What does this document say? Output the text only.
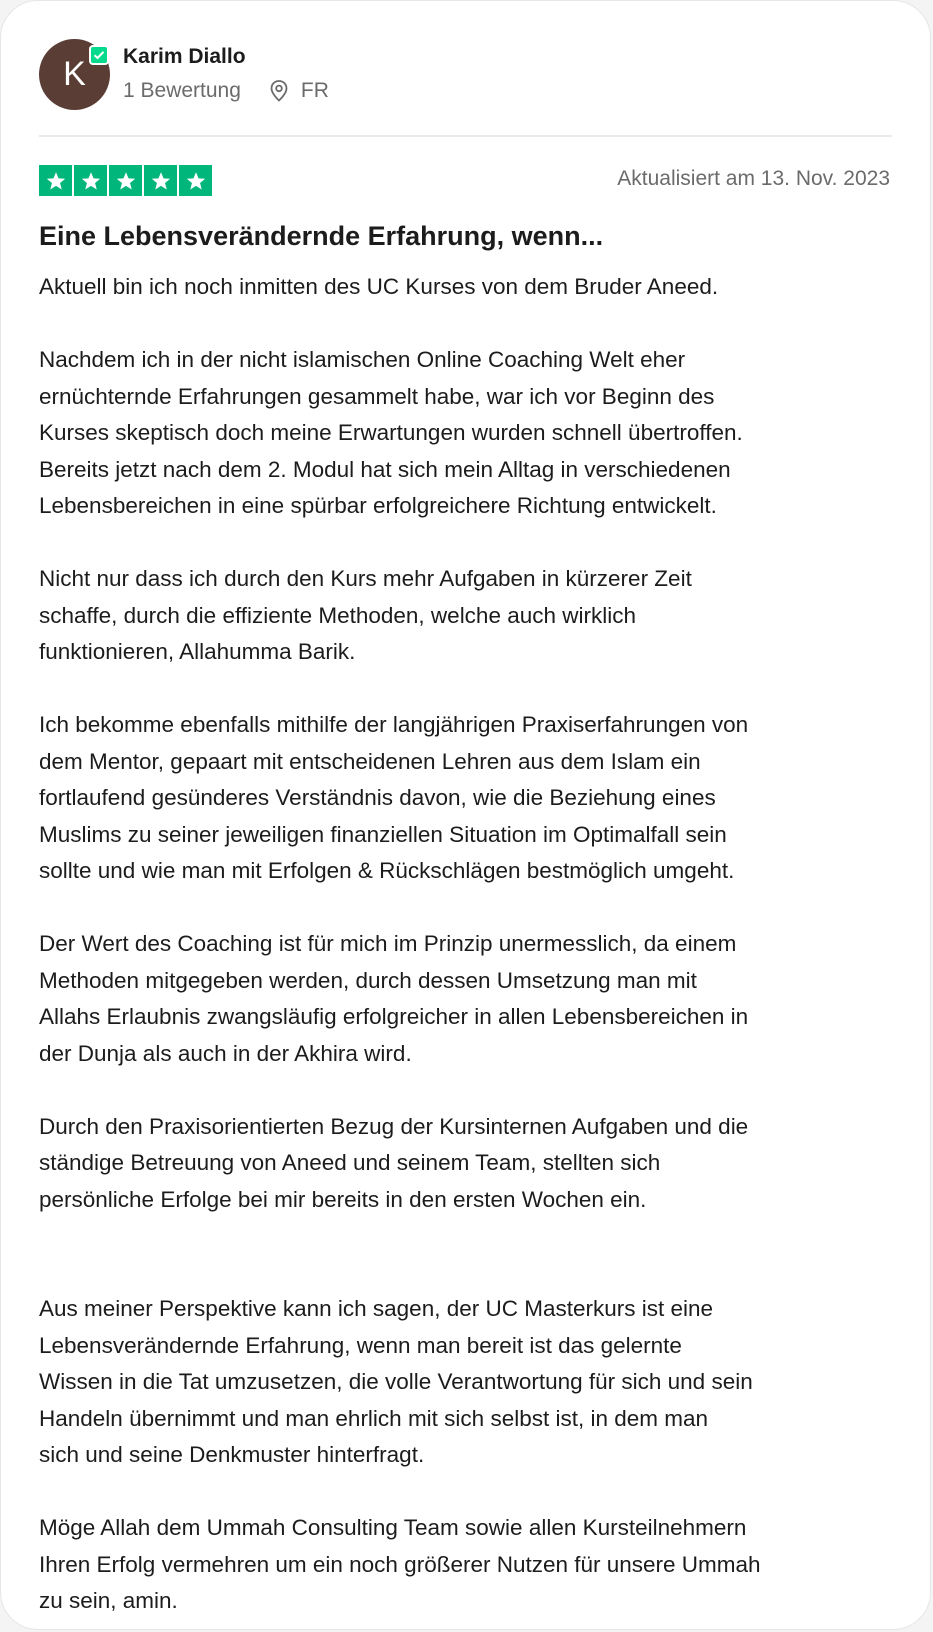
K	Karim Diallo
1 Bewertung	FR
Aktualisiert am 13. Nov. 2023
Eine Lebensverändernde Erfahrung, wenn...

Aktuell bin ich noch inmitten des UC Kurses von dem Bruder Aneed.

Nachdem ich in der nicht islamischen Online Coaching Welt eher
ernüchternde Erfahrungen gesammelt habe, war ich vor Beginn des
Kurses skeptisch doch meine Erwartungen wurden schnell übertroffen.
Bereits jetzt nach dem 2. Modul hat sich mein Alltag in verschiedenen
Lebensbereichen in eine spürbar erfolgreichere Richtung entwickelt.

Nicht nur dass ich durch den Kurs mehr Aufgaben in kürzerer Zeit
schaffe, durch die effiziente Methoden, welche auch wirklich
funktionieren, Allahumma Barik.

Ich bekomme ebenfalls mithilfe der langjährigen Praxiserfahrungen von
dem Mentor, gepaart mit entscheidenen Lehren aus dem Islam ein
fortlaufend gesünderes Verständnis davon, wie die Beziehung eines
Muslims zu seiner jeweiligen finanziellen Situation im Optimalfall sein
sollte und wie man mit Erfolgen & Rückschlägen bestmöglich umgeht.

Der Wert des Coaching ist für mich im Prinzip unermesslich, da einem
Methoden mitgegeben werden, durch dessen Umsetzung man mit
Allahs Erlaubnis zwangsläufig erfolgreicher in allen Lebensbereichen in
der Dunja als auch in der Akhira wird.

Durch den Praxisorientierten Bezug der Kursinternen Aufgaben und die
ständige Betreuung von Aneed und seinem Team, stellten sich
persönliche Erfolge bei mir bereits in den ersten Wochen ein.

Aus meiner Perspektive kann ich sagen, der UC Masterkurs ist eine
Lebensverändernde Erfahrung, wenn man bereit ist das gelernte
Wissen in die Tat umzusetzen, die volle Verantwortung für sich und sein
Handeln übernimmt und man ehrlich mit sich selbst ist, in dem man
sich und seine Denkmuster hinterfragt.

Möge Allah dem Ummah Consulting Team sowie allen Kursteilnehmern
Ihren Erfolg vermehren um ein noch größerer Nutzen für unsere Ummah
zu sein, amin.
